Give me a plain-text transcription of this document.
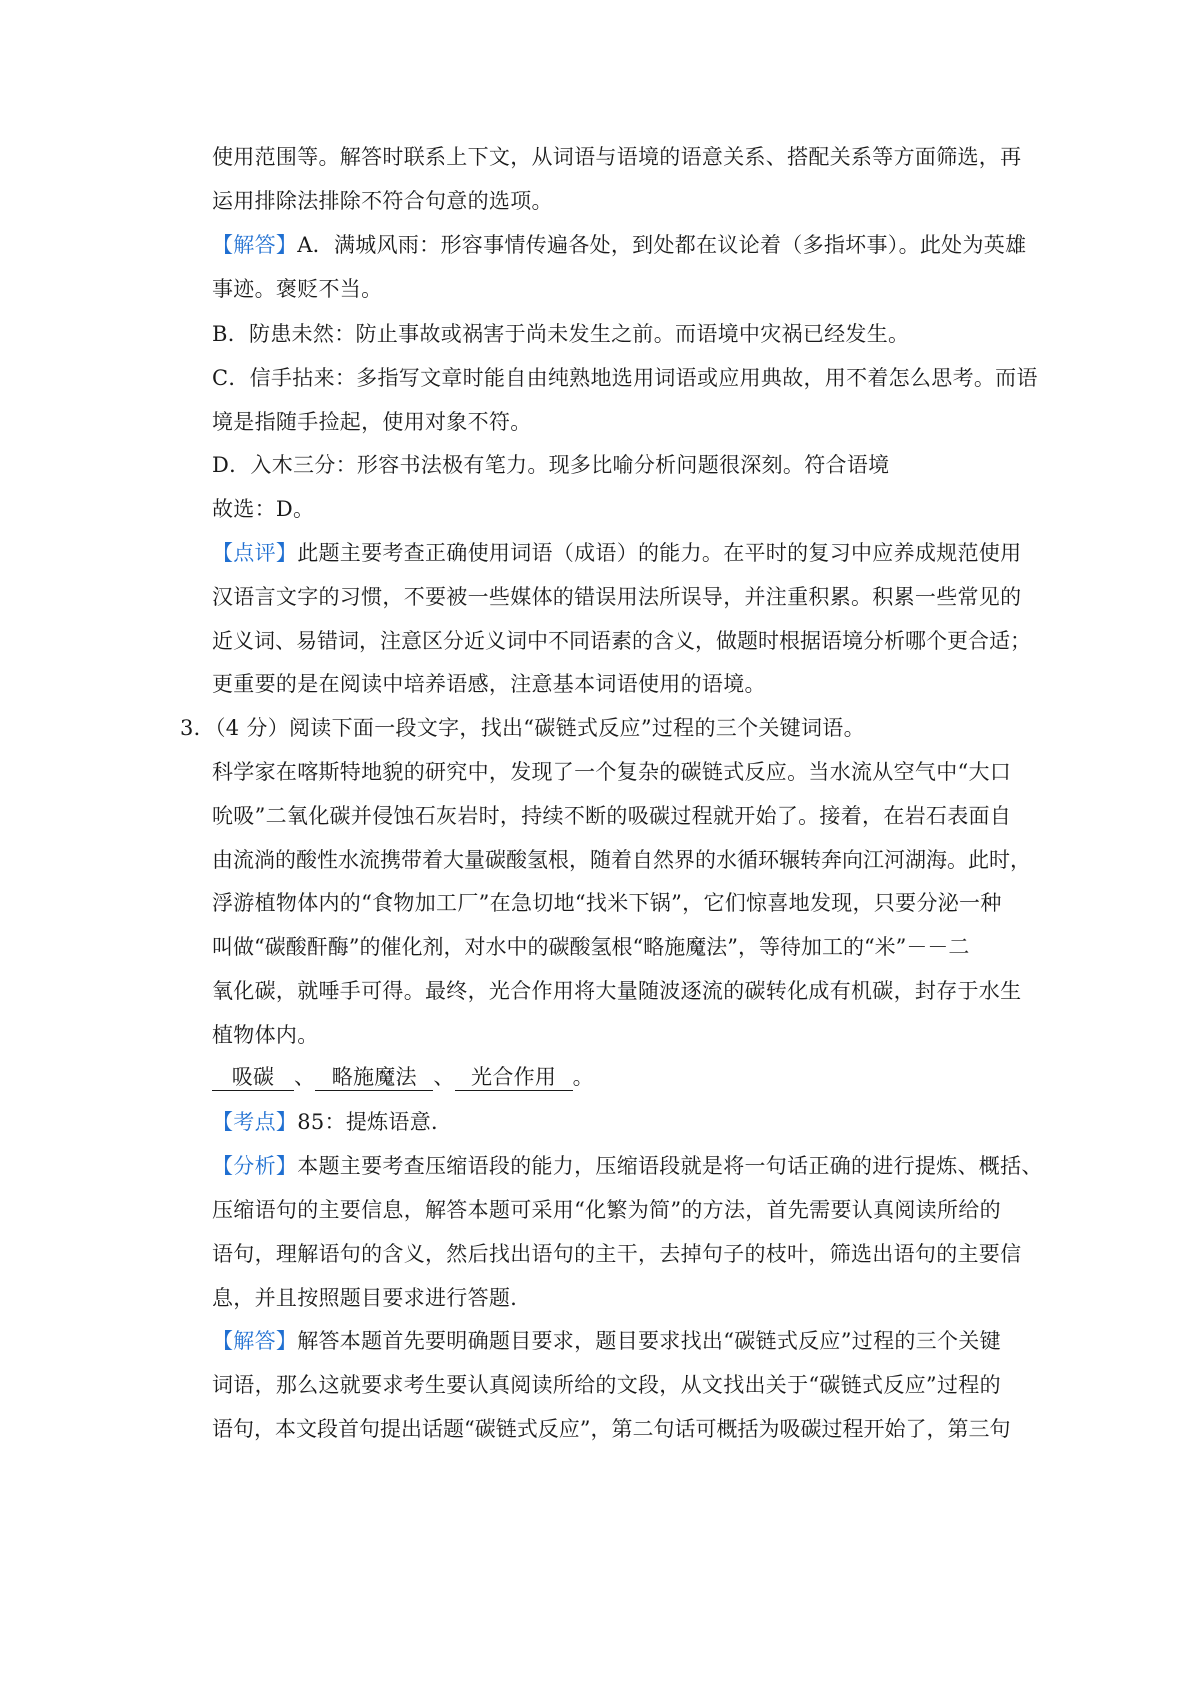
使用范围等。解答时联系上下文，从词语与语境的语意关系、搭配关系等方面筛选，再
运用排除法排除不符合句意的选项。
【解答】A．满城风雨：形容事情传遍各处，到处都在议论着（多指坏事）。此处为英雄
事迹。褒贬不当。
B．防患未然：防止事故或祸害于尚未发生之前。而语境中灾祸已经发生。
C．信手拈来：多指写文章时能自由纯熟地选用词语或应用典故，用不着怎么思考。而语
境是指随手捡起，使用对象不符。
D．入木三分：形容书法极有笔力。现多比喻分析问题很深刻。符合语境
故选：D。
【点评】此题主要考查正确使用词语（成语）的能力。在平时的复习中应养成规范使用
汉语言文字的习惯，不要被一些媒体的错误用法所误导，并注重积累。积累一些常见的
近义词、易错词，注意区分近义词中不同语素的含义，做题时根据语境分析哪个更合适；
更重要的是在阅读中培养语感，注意基本词语使用的语境。
3．（4 分）阅读下面一段文字，找出“碳链式反应”过程的三个关键词语。
科学家在喀斯特地貌的研究中，发现了一个复杂的碳链式反应。当水流从空气中“大口
吮吸”二氧化碳并侵蚀石灰岩时，持续不断的吸碳过程就开始了。接着，在岩石表面自
由流淌的酸性水流携带着大量碳酸氢根，随着自然界的水循环辗转奔向江河湖海。此时，
浮游植物体内的“食物加工厂”在急切地“找米下锅”，它们惊喜地发现，只要分泌一种
叫做“碳酸酐酶”的催化剂，对水中的碳酸氢根“略施魔法”，等待加工的“米”－－二
氧化碳，就唾手可得。最终，光合作用将大量随波逐流的碳转化成有机碳，封存于水生
植物体内。
吸碳 、 略施魔法 、 光合作用 。
【考点】85：提炼语意．
【分析】本题主要考查压缩语段的能力，压缩语段就是将一句话正确的进行提炼、概括、
压缩语句的主要信息，解答本题可采用“化繁为简”的方法，首先需要认真阅读所给的
语句，理解语句的含义，然后找出语句的主干，去掉句子的枝叶，筛选出语句的主要信
息，并且按照题目要求进行答题．
【解答】解答本题首先要明确题目要求，题目要求找出“碳链式反应”过程的三个关键
词语，那么这就要求考生要认真阅读所给的文段，从文找出关于“碳链式反应”过程的
语句，本文段首句提出话题“碳链式反应”，第二句话可概括为吸碳过程开始了，第三句
